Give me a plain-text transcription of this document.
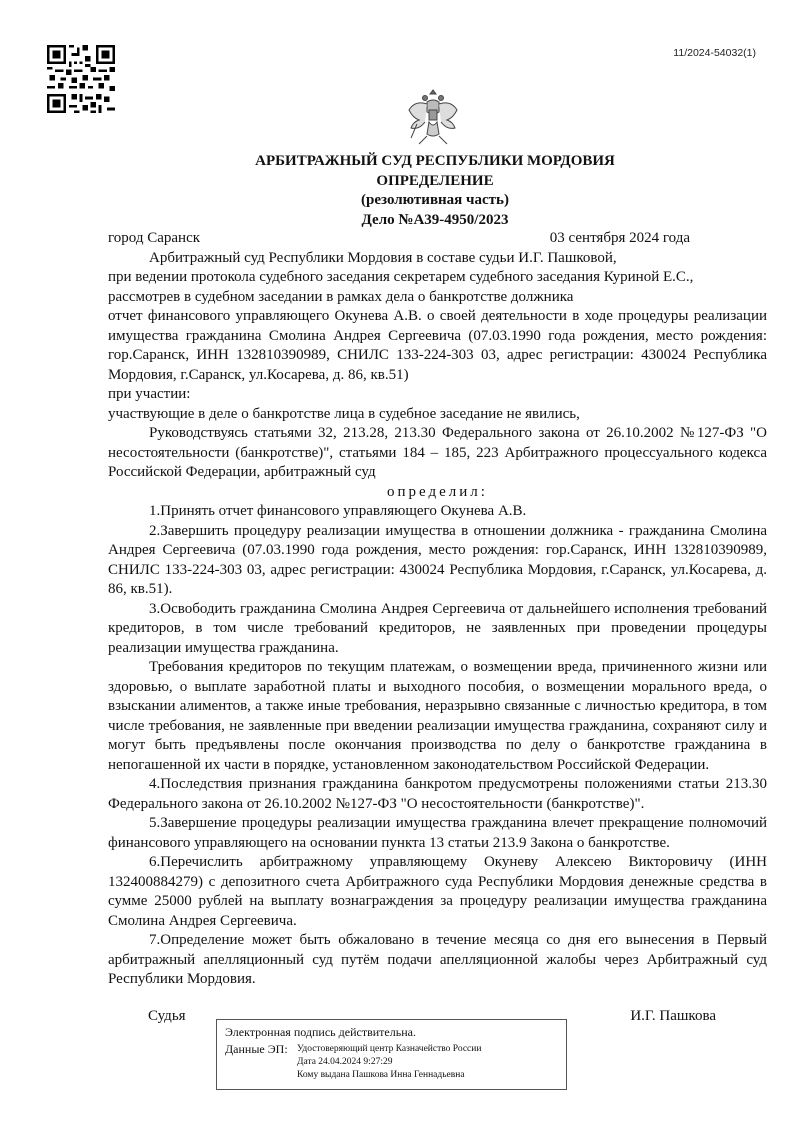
11/2024-54032(1)
АРБИТРАЖНЫЙ СУД РЕСПУБЛИКИ МОРДОВИЯ
ОПРЕДЕЛЕНИЕ
(резолютивная часть)
Дело №А39-4950/2023
город Саранск	03 сентября 2024 года

Арбитражный суд Республики Мордовия в составе судьи И.Г. Пашковой,

при ведении протокола судебного заседания секретарем судебного заседания Куриной Е.С.,

рассмотрев в судебном заседании в рамках дела о банкротстве должника

отчет финансового управляющего Окунева А.В. о своей деятельности в ходе процедуры реализации имущества гражданина Смолина Андрея Сергеевича (07.03.1990 года рождения, место рождения: гор.Саранск, ИНН 132810390989, СНИЛС 133-224-303 03, адрес регистрации: 430024 Республика Мордовия, г.Саранск, ул.Косарева, д. 86, кв.51)

при участии:

участвующие в деле о банкротстве лица в судебное заседание не явились,

Руководствуясь статьями 32, 213.28, 213.30 Федерального закона от 26.10.2002 №127-ФЗ "О несостоятельности (банкротстве)", статьями 184 – 185, 223 Арбитражного процессуального кодекса Российской Федерации, арбитражный суд

определил:

1.Принять отчет финансового управляющего Окунева А.В.

2.Завершить процедуру реализации имущества в отношении должника - гражданина Смолина Андрея Сергеевича (07.03.1990 года рождения, место рождения: гор.Саранск, ИНН 132810390989, СНИЛС 133-224-303 03, адрес регистрации: 430024 Республика Мордовия, г.Саранск, ул.Косарева, д. 86, кв.51).

3.Освободить гражданина Смолина Андрея Сергеевича от дальнейшего исполнения требований кредиторов, в том числе требований кредиторов, не заявленных при проведении процедуры реализации имущества гражданина.

Требования кредиторов по текущим платежам, о возмещении вреда, причиненного жизни или здоровью, о выплате заработной платы и выходного пособия, о возмещении морального вреда, о взыскании алиментов, а также иные требования, неразрывно связанные с личностью кредитора, в том числе требования, не заявленные при введении реализации имущества гражданина, сохраняют силу и могут быть предъявлены после окончания производства по делу о банкротстве гражданина в непогашенной их части в порядке, установленном законодательством Российской Федерации.

4.Последствия признания гражданина банкротом предусмотрены положениями статьи 213.30 Федерального закона от 26.10.2002 №127-ФЗ "О несостоятельности (банкротстве)".

5.Завершение процедуры реализации имущества гражданина влечет прекращение полномочий финансового управляющего на основании пункта 13 статьи 213.9 Закона о банкротстве.

6.Перечислить арбитражному управляющему Окуневу Алексею Викторовичу (ИНН 132400884279) с депозитного счета Арбитражного суда Республики Мордовия денежные средства в сумме 25000 рублей на выплату вознаграждения за процедуру реализации имущества гражданина Смолина Андрея Сергеевича.

7.Определение может быть обжаловано в течение месяца со дня его вынесения в Первый арбитражный апелляционный суд путём подачи апелляционной жалобы через Арбитражный суд Республики Мордовия.

Судья	И.Г. Пашкова
Электронная подпись действительна.
Данные ЭП: Удостоверяющий центр Казначейство России
Дата 24.04.2024 9:27:29
Кому выдана Пашкова Инна Геннадьевна
